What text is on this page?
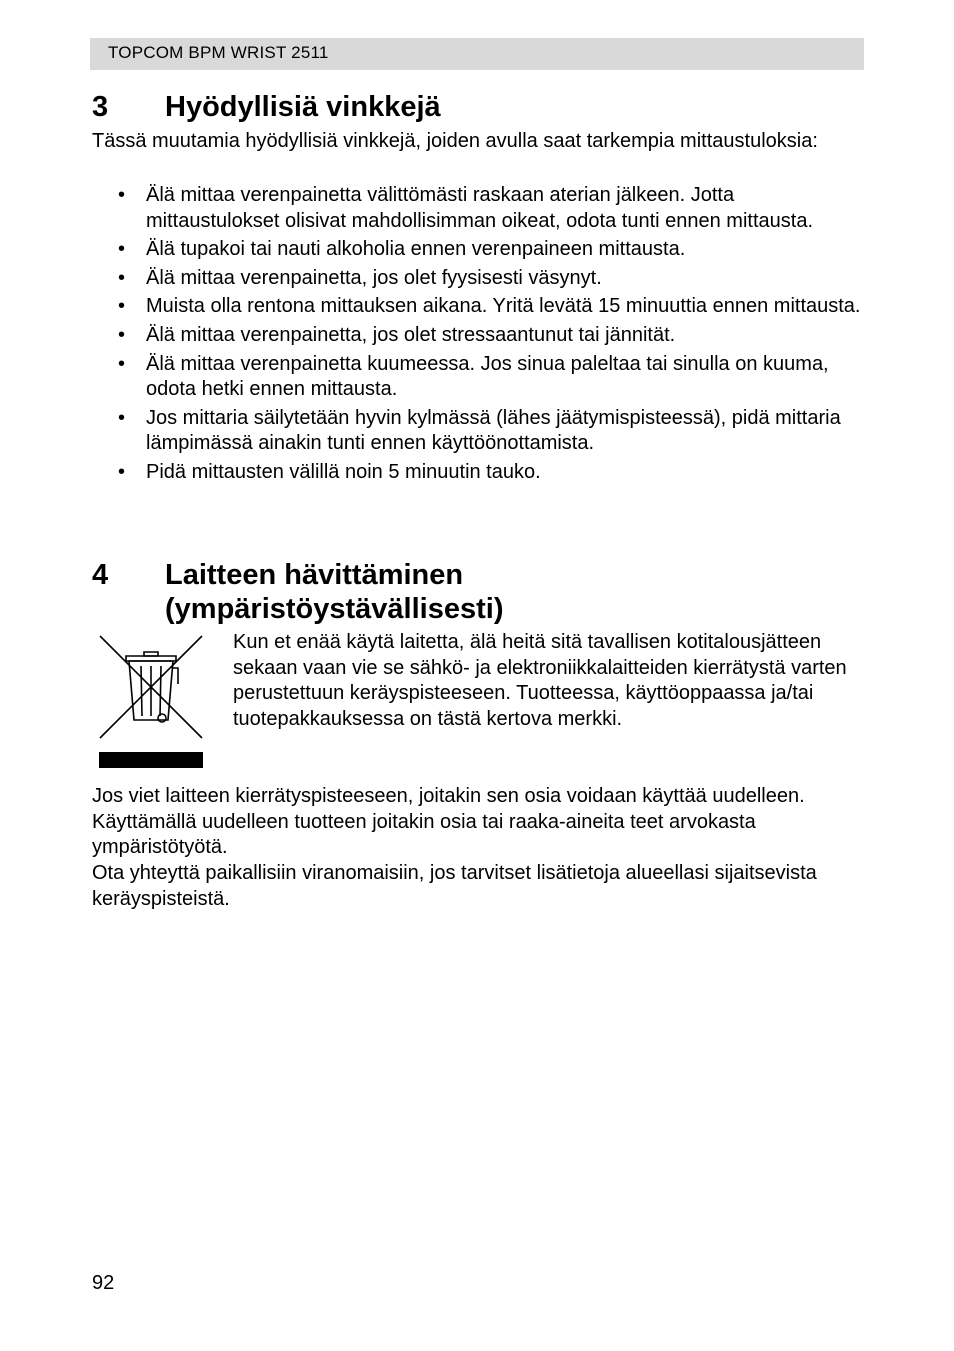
TOPCOM BPM WRIST 2511
3 Hyödyllisiä vinkkejä
Tässä muutamia hyödyllisiä vinkkejä, joiden avulla saat tarkempia mittaustuloksia:
• Älä mittaa verenpainetta välittömästi raskaan aterian jälkeen. Jotta mittaustulokset olisivat mahdollisimman oikeat, odota tunti ennen mittausta.
• Älä tupakoi tai nauti alkoholia ennen verenpaineen mittausta.
• Älä mittaa verenpainetta, jos olet fyysisesti väsynyt.
• Muista olla rentona mittauksen aikana. Yritä levätä 15 minuuttia ennen mittausta.
• Älä mittaa verenpainetta, jos olet stressaantunut tai jännität.
• Älä mittaa verenpainetta kuumeessa. Jos sinua paleltaa tai sinulla on kuuma, odota hetki ennen mittausta.
• Jos mittaria säilytetään hyvin kylmässä (lähes jäätymispisteessä), pidä mittaria lämpimässä ainakin tunti ennen käyttöönottamista.
• Pidä mittausten välillä noin 5 minuutin tauko.
4 Laitteen hävittäminen (ympäristöystävällisesti)
Kun et enää käytä laitetta, älä heitä sitä tavallisen kotitalousjätteen sekaan vaan vie se sähkö- ja elektroniikkalaitteiden kierrätystä varten perustettuun keräyspisteeseen. Tuotteessa, käyttöoppaassa ja/tai tuotepakkauksessa on tästä kertova merkki.
Jos viet laitteen kierrätyspisteeseen, joitakin sen osia voidaan käyttää uudelleen. Käyttämällä uudelleen tuotteen joitakin osia tai raaka-aineita teet arvokasta ympäristötyötä.
Ota yhteyttä paikallisiin viranomaisiin, jos tarvitset lisätietoja alueellasi sijaitsevista keräyspisteistä.
92
